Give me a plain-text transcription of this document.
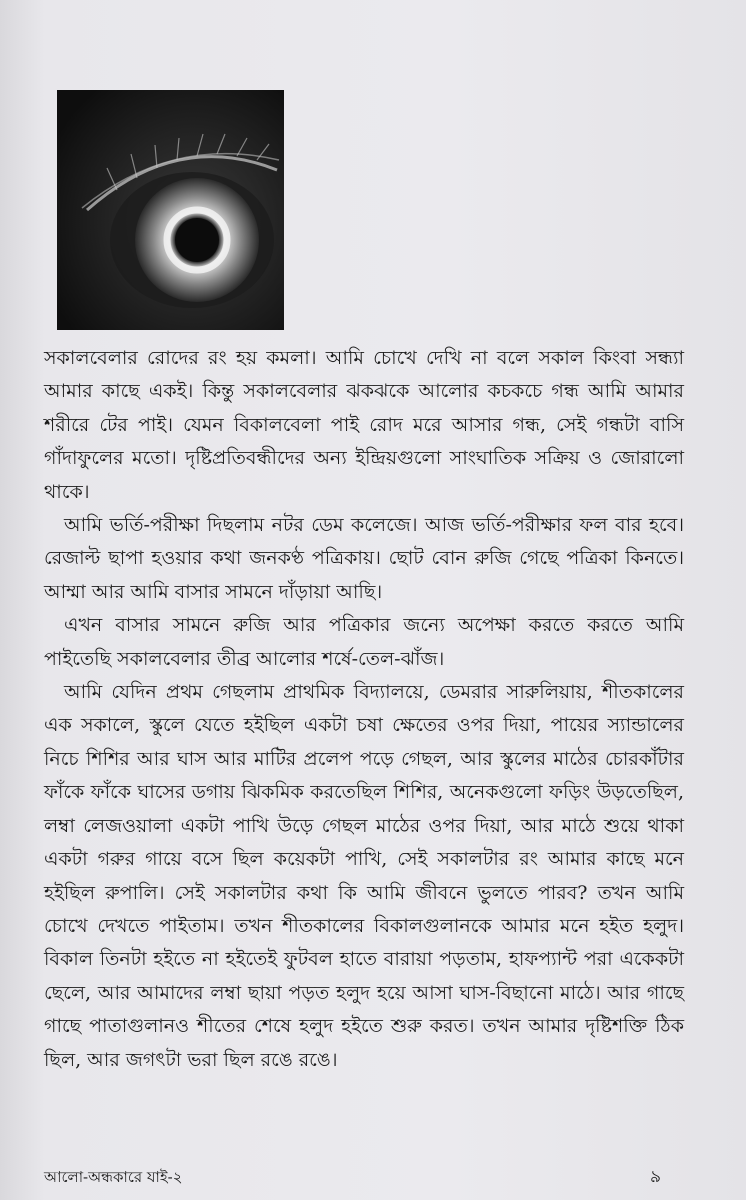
সকালবেলার রোদের রং হয় কমলা। আমি চোখে দেখি না বলে সকাল কিংবা সন্ধ্যা আমার কাছে একই। কিন্তু সকালবেলার ঝকঝকে আলোর কচকচে গন্ধ আমি আমার শরীরে টের পাই। যেমন বিকালবেলা পাই রোদ মরে আসার গন্ধ, সেই গন্ধটা বাসি গাঁদাফুলের মতো। দৃষ্টিপ্রতিবন্ধীদের অন্য ইন্দ্রিয়গুলো সাংঘাতিক সক্রিয় ও জোরালো থাকে।

আমি ভর্তি-পরীক্ষা দিছলাম নটর ডেম কলেজে। আজ ভর্তি-পরীক্ষার ফল বার হবে। রেজাল্ট ছাপা হওয়ার কথা জনকণ্ঠ পত্রিকায়। ছোট বোন রুজি গেছে পত্রিকা কিনতে। আম্মা আর আমি বাসার সামনে দাঁড়ায়া আছি।

এখন বাসার সামনে রুজি আর পত্রিকার জন্যে অপেক্ষা করতে করতে আমি পাইতেছি সকালবেলার তীব্র আলোর শর্ষে-তেল-ঝাঁজ।

আমি যেদিন প্রথম গেছলাম প্রাথমিক বিদ্যালয়ে, ডেমরার সারুলিয়ায়, শীতকালের এক সকালে, স্কুলে যেতে হইছিল একটা চষা ক্ষেতের ওপর দিয়া, পায়ের স্যান্ডালের নিচে শিশির আর ঘাস আর মাটির প্রলেপ পড়ে গেছল, আর স্কুলের মাঠের চোরকাঁটার ফাঁকে ফাঁকে ঘাসের ডগায় ঝিকমিক করতেছিল শিশির, অনেকগুলো ফড়িং উড়তেছিল, লম্বা লেজওয়ালা একটা পাখি উড়ে গেছল মাঠের ওপর দিয়া, আর মাঠে শুয়ে থাকা একটা গরুর গায়ে বসে ছিল কয়েকটা পাখি, সেই সকালটার রং আমার কাছে মনে হইছিল রুপালি। সেই সকালটার কথা কি আমি জীবনে ভুলতে পারব? তখন আমি চোখে দেখতে পাইতাম। তখন শীতকালের বিকালগুলানকে আমার মনে হইত হলুদ। বিকাল তিনটা হইতে না হইতেই ফুটবল হাতে বারায়া পড়তাম, হাফপ্যান্ট পরা একেকটা ছেলে, আর আমাদের লম্বা ছায়া পড়ত হলুদ হয়ে আসা ঘাস-বিছানো মাঠে। আর গাছে গাছে পাতাগুলানও শীতের শেষে হলুদ হইতে শুরু করত। তখন আমার দৃষ্টিশক্তি ঠিক ছিল, আর জগৎটা ভরা ছিল রঙে রঙে।

আলো-অন্ধকারে যাই-২	৯
